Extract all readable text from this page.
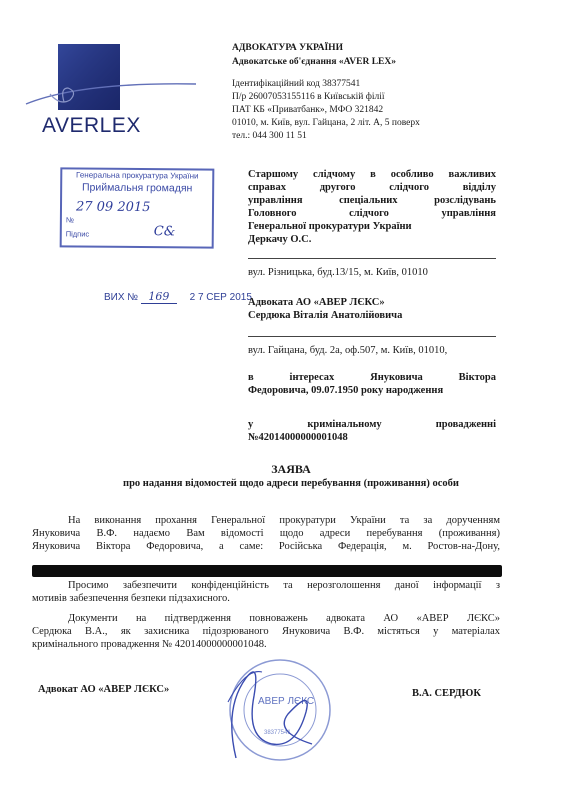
AVERLEX
АДВОКАТУРА УКРАЇНИ
Адвокатське об'єднання «AVER LEX»
Ідентифікаційний код 38377541
П/р 26007053155116 в Київській філії
ПАТ КБ «Приватбанк», МФО 321842
01010, м. Київ, вул. Гайцана, 2 літ. А, 5 поверх
тел.: 044 300 11 51
Генеральна прокуратура України
Приймальня громадян
27 09 2015
№
Підпис	С&
Старшому слідчому в особливо важливих
справах другого слідчого відділу
управління спеціальних розслідувань
Головного слідчого управління
Генеральної прокуратури України
Деркачу О.С.
вул. Різницька, буд.13/15, м. Київ, 01010
ВИХ № 169 2 7 СЕР 2015
Адвоката АО «АВЕР ЛЄКС»
Сердюка Віталія Анатолійовича
вул. Гайцана, буд. 2а, оф.507, м. Київ, 01010,
в інтересах Януковича Віктора
Федоровича, 09.07.1950 року народження
у кримінальному провадженні
№42014000000001048
ЗАЯВА
про надання відомостей щодо адреси перебування (проживання) особи
На виконання прохання Генеральної прокуратури України та за дорученням
Януковича В.Ф. надаємо Вам відомості щодо адреси перебування (проживання)
Януковича Віктора Федоровича, а саме: Російська Федерація, м. Ростов-на-Дону,
Просимо забезпечити конфіденційність та нерозголошення даної інформації з
мотивів забезпечення безпеки підзахисного.
Документи на підтвердження повноважень адвоката АО «АВЕР ЛЄКС»
Сердюка В.А., як захисника підозрюваного Януковича В.Ф. містяться у матеріалах
кримінального провадження № 42014000000001048.
АВЕР ЛЄКС
38377541
Адвокат АО «АВЕР ЛЄКС»	В.А. СЕРДЮК
